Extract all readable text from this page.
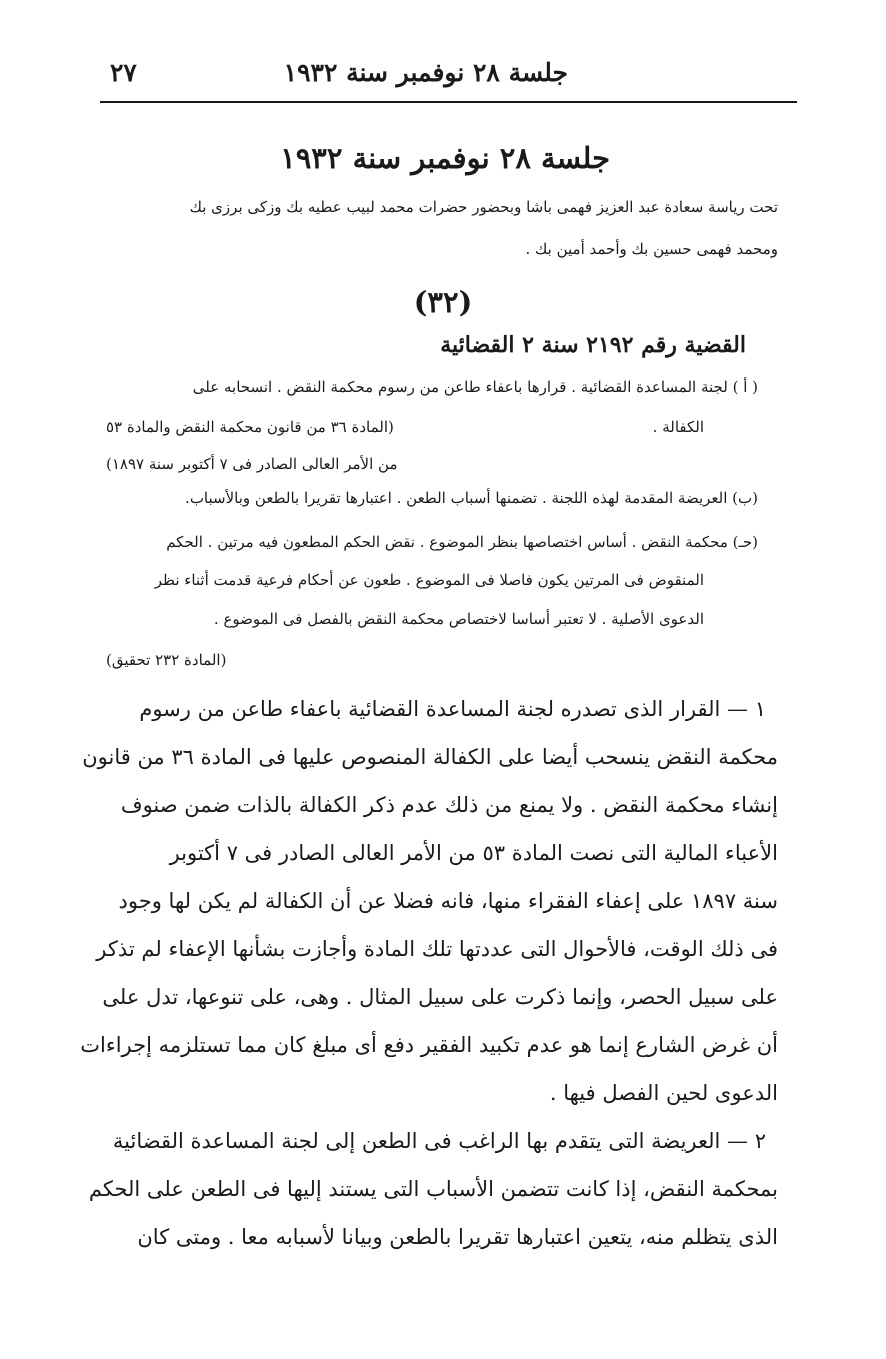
جلسة ٢٨ نوفمبر سنة ١٩٣٢
٢٧
جلسة ٢٨ نوفمبر سنة ١٩٣٢
تحت رياسة سعادة عبد العزيز فهمى باشا وبحضور حضرات محمد لبيب عطيه بك وزكى برزى بك
ومحمد فهمى حسين بك وأحمد أمين بك .
(٣٢)
القضية رقم ٢١٩٢ سنة ٢ القضائية
( أ ) لجنة المساعدة القضائية . قرارها باعفاء طاعن من رسوم محكمة النقض . انسحابه على
الكفالة .
(المادة ٣٦ من قانون محكمة النقض والمادة ٥٣
من الأمر العالى الصادر فى ٧ أكتوبر سنة ١٨٩٧)
(ب) العريضة المقدمة لهذه اللجنة . تضمنها أسباب الطعن . اعتبارها تقريرا بالطعن وبالأسباب.
(حـ) محكمة النقض . أساس اختصاصها بنظر الموضوع . نقض الحكم المطعون فيه مرتين . الحكم
المنقوض فى المرتين يكون فاصلا فى الموضوع . طعون عن أحكام فرعية قدمت أثناء نظر
الدعوى الأصلية . لا تعتبر أساسا لاختصاص محكمة النقض بالفصل فى الموضوع .
(المادة ٢٣٢ تحقيق)
١ — القرار الذى تصدره لجنة المساعدة القضائية باعفاء طاعن من رسوم
محكمة النقض ينسحب أيضا على الكفالة المنصوص عليها فى المادة ٣٦ من قانون
إنشاء محكمة النقض . ولا يمنع من ذلك عدم ذكر الكفالة بالذات ضمن صنوف
الأعباء المالية التى نصت المادة ٥٣ من الأمر العالى الصادر فى ٧ أكتوبر
سنة ١٨٩٧ على إعفاء الفقراء منها، فانه فضلا عن أن الكفالة لم يكن لها وجود
فى ذلك الوقت، فالأحوال التى عددتها تلك المادة وأجازت بشأنها الإعفاء لم تذكر
على سبيل الحصر، وإنما ذكرت على سبيل المثال . وهى، على تنوعها، تدل على
أن غرض الشارع إنما هو عدم تكبيد الفقير دفع أى مبلغ كان مما تستلزمه إجراءات
الدعوى لحين الفصل فيها .
٢ — العريضة التى يتقدم بها الراغب فى الطعن إلى لجنة المساعدة القضائية
بمحكمة النقض، إذا كانت تتضمن الأسباب التى يستند إليها فى الطعن على الحكم
الذى يتظلم منه، يتعين اعتبارها تقريرا بالطعن وبيانا لأسبابه معا . ومتى كان
